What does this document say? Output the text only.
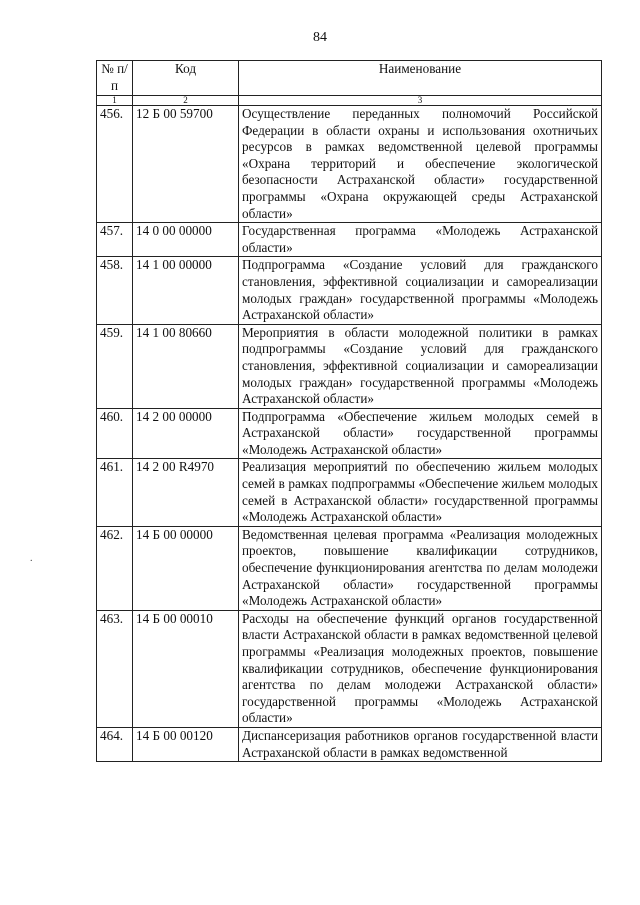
84
.
№ п/п	Код	Наименование
1	2	3
456.	12 Б 00 59700	Осуществление переданных полномочий Российской Федерации в области охраны и использования охотничьих ресурсов в рамках ведомственной целевой программы «Охрана территорий и обеспечение экологической безопасности Астраханской области» государственной программы «Охрана окружающей среды Астраханской области»
457.	14 0 00 00000	Государственная программа «Молодежь Астраханской области»
458.	14 1 00 00000	Подпрограмма «Создание условий для гражданского становления, эффективной социализации и самореализации молодых граждан» государственной программы «Молодежь Астраханской области»
459.	14 1 00 80660	Мероприятия в области молодежной политики в рамках подпрограммы «Создание условий для гражданского становления, эффективной социализации и самореализации молодых граждан» государственной программы «Молодежь Астраханской области»
460.	14 2 00 00000	Подпрограмма «Обеспечение жильем молодых семей в Астраханской области» государственной программы «Молодежь Астраханской области»
461.	14 2 00 R4970	Реализация мероприятий по обеспечению жильем молодых семей в рамках подпрограммы «Обеспечение жильем молодых семей в Астраханской области» государственной программы «Молодежь Астраханской области»
462.	14 Б 00 00000	Ведомственная целевая программа «Реализация молодежных проектов, повышение квалификации сотрудников, обеспечение функционирования агентства по делам молодежи Астраханской области» государственной программы «Молодежь Астраханской области»
463.	14 Б 00 00010	Расходы на обеспечение функций органов государственной власти Астраханской области в рамках ведомственной целевой программы «Реализация молодежных проектов, повышение квалификации сотрудников, обеспечение функционирования агентства по делам молодежи Астраханской области» государственной программы «Молодежь Астраханской области»
464.	14 Б 00 00120	Диспансеризация работников органов государственной власти Астраханской области в рамках ведомственной
